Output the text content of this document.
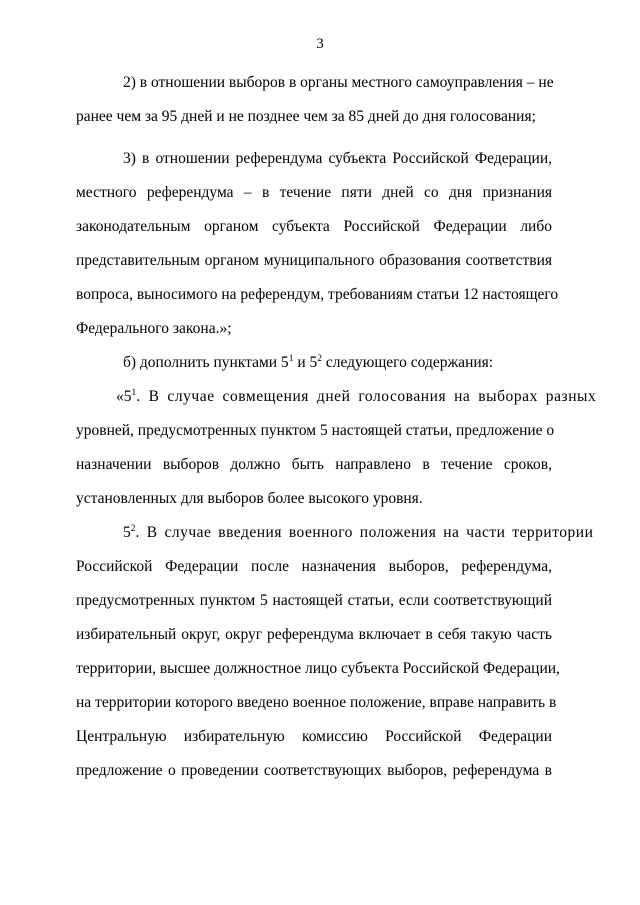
3
2) в отношении выборов в органы местного самоуправления – не
ранее чем за 95 дней и не позднее чем за 85 дней до дня голосования;
3) в отношении референдума субъекта Российской Федерации,
местного референдума – в течение пяти дней со дня признания
законодательным органом субъекта Российской Федерации либо
представительным органом муниципального образования соответствия
вопроса, выносимого на референдум, требованиям статьи 12 настоящего
Федерального закона.»;
б) дополнить пунктами $5^1$ и $5^2$ следующего содержания:
«$5^1$. В случае совмещения дней голосования на выборах разных
уровней, предусмотренных пунктом 5 настоящей статьи, предложение о
назначении выборов должно быть направлено в течение сроков,
установленных для выборов более высокого уровня.
$5^2$. В случае введения военного положения на части территории
Российской Федерации после назначения выборов, референдума,
предусмотренных пунктом 5 настоящей статьи, если соответствующий
избирательный округ, округ референдума включает в себя такую часть
территории, высшее должностное лицо субъекта Российской Федерации,
на территории которого введено военное положение, вправе направить в
Центральную избирательную комиссию Российской Федерации
предложение о проведении соответствующих выборов, референдума в
